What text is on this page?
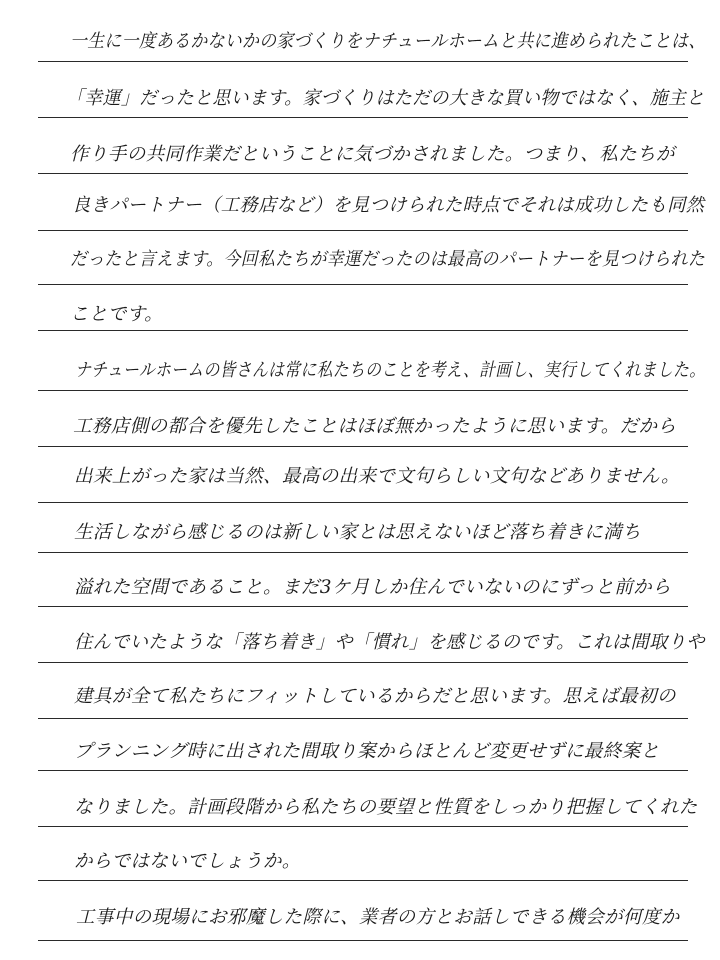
一生に一度あるかないかの家づくりをナチュールホームと共に進められたことは、
「幸運」だったと思います。家づくりはただの大きな買い物ではなく、施主と
作り手の共同作業だということに気づかされました。つまり、私たちが
良きパートナー（工務店など）を見つけられた時点でそれは成功したも同然
だったと言えます。今回私たちが幸運だったのは最高のパートナーを見つけられた
ことです。
ナチュールホームの皆さんは常に私たちのことを考え、計画し、実行してくれました。
工務店側の都合を優先したことはほぼ無かったように思います。だから
出来上がった家は当然、最高の出来で文句らしい文句などありません。
生活しながら感じるのは新しい家とは思えないほど落ち着きに満ち
溢れた空間であること。まだ3ケ月しか住んでいないのにずっと前から
住んでいたような「落ち着き」や「慣れ」を感じるのです。これは間取りや
建具が全て私たちにフィットしているからだと思います。思えば最初の
プランニング時に出された間取り案からほとんど変更せずに最終案と
なりました。計画段階から私たちの要望と性質をしっかり把握してくれた
からではないでしょうか。
工事中の現場にお邪魔した際に、業者の方とお話しできる機会が何度か
